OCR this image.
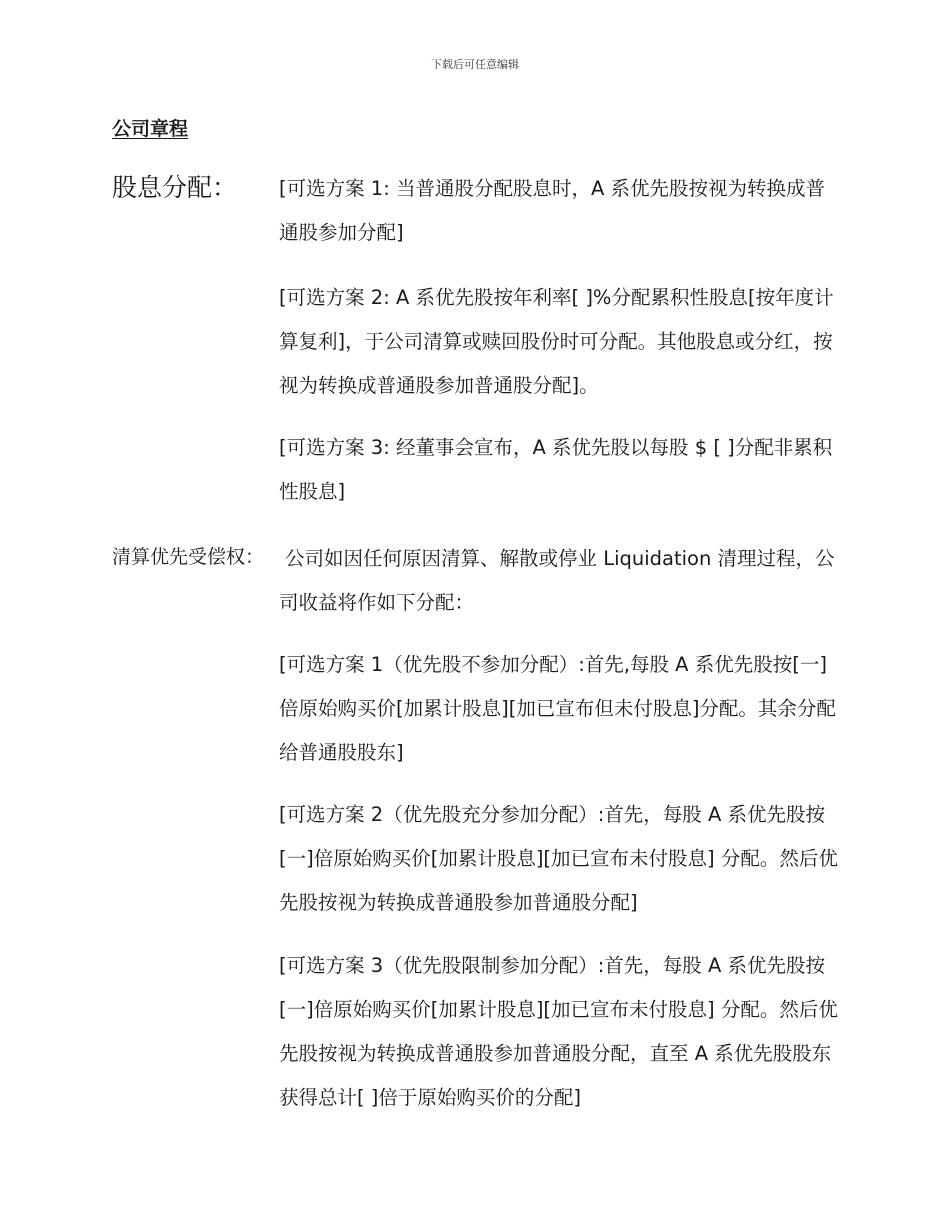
下载后可任意编辑
公司章程
股息分配： [可选方案 1: 当普通股分配股息时，A 系优先股按视为转换成普通股参加分配]

[可选方案 2: A 系优先股按年利率[ ]%分配累积性股息[按年度计算复利]，于公司清算或赎回股份时可分配。其他股息或分红，按视为转换成普通股参加普通股分配]。

[可选方案 3: 经董事会宣布，A 系优先股以每股 $ [ ]分配非累积性股息]

清算优先受偿权：	公司如因任何原因清算、解散或停业 Liquidation 清理过程，公司收益将作如下分配：

[可选方案 1（优先股不参加分配）:首先,每股 A 系优先股按[一]倍原始购买价[加累计股息][加已宣布但未付股息]分配。其余分配给普通股股东]

[可选方案 2（优先股充分参加分配）:首先，每股 A 系优先股按[一]倍原始购买价[加累计股息][加已宣布未付股息] 分配。然后优先股按视为转换成普通股参加普通股分配]

[可选方案 3（优先股限制参加分配）:首先，每股 A 系优先股按[一]倍原始购买价[加累计股息][加已宣布未付股息] 分配。然后优先股按视为转换成普通股参加普通股分配，直至 A 系优先股股东获得总计[ ]倍于原始购买价的分配]
